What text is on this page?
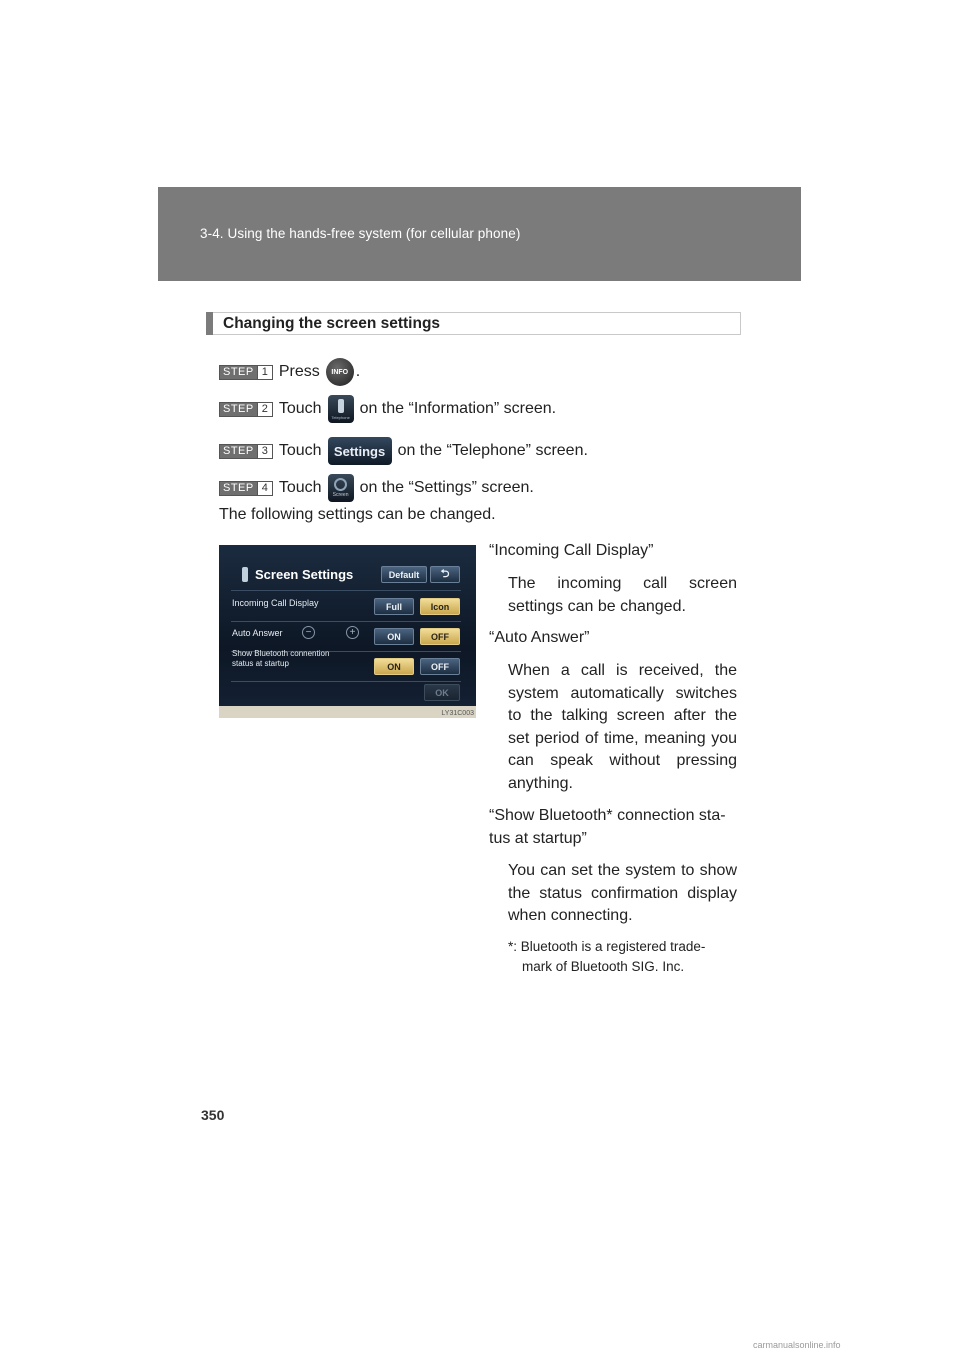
3-4. Using the hands-free system (for cellular phone)
Changing the screen settings
STEP 1 Press	INFO .
STEP 2 Touch Telephone on the “Information” screen.
STEP 3 Touch Settings on the “Telephone” screen.
STEP 4 Touch Screen on the “Settings” screen.
The following settings can be changed.
Screen Settings	Default	⮌
Incoming Call Display	Full	Icon
Auto Answer	−	+	ON	OFF
Show Bluetooth connention
status at startup	ON	OFF
OK
LY31C003
“Incoming Call Display”
The incoming call screen settings can be changed.
“Auto Answer”
When a call is received, the system automatically switches to the talking screen after the set period of time, meaning you can speak without pressing anything.
“Show Bluetooth* connection sta-
tus at startup”
You can set the system to show the status confirmation display when connecting.
*: Bluetooth is a registered trade-
mark of Bluetooth SIG. Inc.
350
carmanualsonline.info
